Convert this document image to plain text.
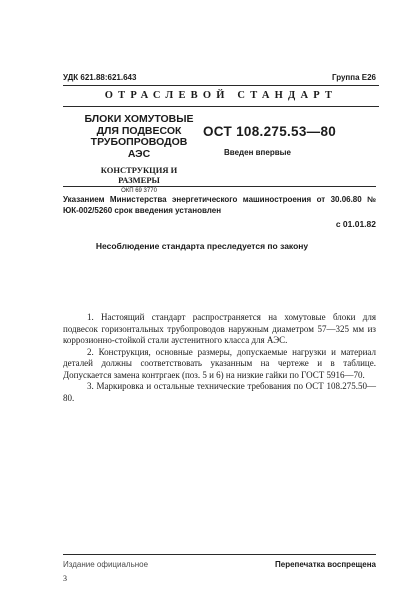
УДК 621.88:621.643	Группа Е26
ОТРАСЛЕВОЙ СТАНДАРТ
БЛОКИ ХОМУТОВЫЕ
ДЛЯ ПОДВЕСОК
ТРУБОПРОВОДОВ АЭС
КОНСТРУКЦИЯ И РАЗМЕРЫ
ОКП 69 3770
ОСТ 108.275.53—80
Введен впервые
Указанием Министерства энергетического машиностроения от 30.06.80 № ЮК-002/5260 срок введения установлен
с 01.01.82
Несоблюдение стандарта преследуется по закону

1. Настоящий стандарт распространяется на хомутовые блоки для подвесок горизонтальных трубопроводов наружным диаметром 57—325 мм из коррозионно-стойкой стали аустенитного класса для АЭС.

2. Конструкция, основные размеры, допускаемые нагрузки и материал деталей должны соответствовать указанным на чертеже и в таблице. Допускается замена контргаек (поз. 5 и 6) на низкие гайки по ГОСТ 5916—70.

3. Маркировка и остальные технические требования по ОСТ 108.275.50—80.

Издание официальное	Перепечатка воспрещена
3
